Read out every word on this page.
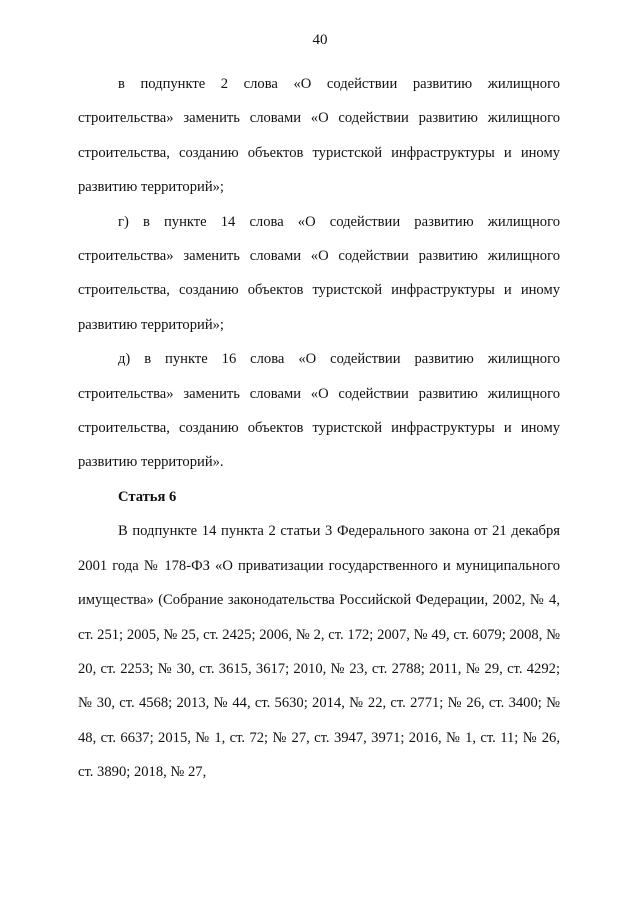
40

в подпункте 2 слова «О содействии развитию жилищного строительства» заменить словами «О содействии развитию жилищного строительства, созданию объектов туристской инфраструктуры и иному развитию территорий»;

г) в пункте 14 слова «О содействии развитию жилищного строительства» заменить словами «О содействии развитию жилищного строительства, созданию объектов туристской инфраструктуры и иному развитию территорий»;

д) в пункте 16 слова «О содействии развитию жилищного строительства» заменить словами «О содействии развитию жилищного строительства, созданию объектов туристской инфраструктуры и иному развитию территорий».

Статья 6

В подпункте 14 пункта 2 статьи 3 Федерального закона от 21 декабря 2001 года № 178-ФЗ «О приватизации государственного и муниципального имущества» (Собрание законодательства Российской Федерации, 2002, № 4, ст. 251; 2005, № 25, ст. 2425; 2006, № 2, ст. 172; 2007, № 49, ст. 6079; 2008, № 20, ст. 2253; № 30, ст. 3615, 3617; 2010, № 23, ст. 2788; 2011, № 29, ст. 4292; № 30, ст. 4568; 2013, № 44, ст. 5630; 2014, № 22, ст. 2771; № 26, ст. 3400; № 48, ст. 6637; 2015, № 1, ст. 72; № 27, ст. 3947, 3971; 2016, № 1, ст. 11; № 26, ст. 3890; 2018, № 27,
